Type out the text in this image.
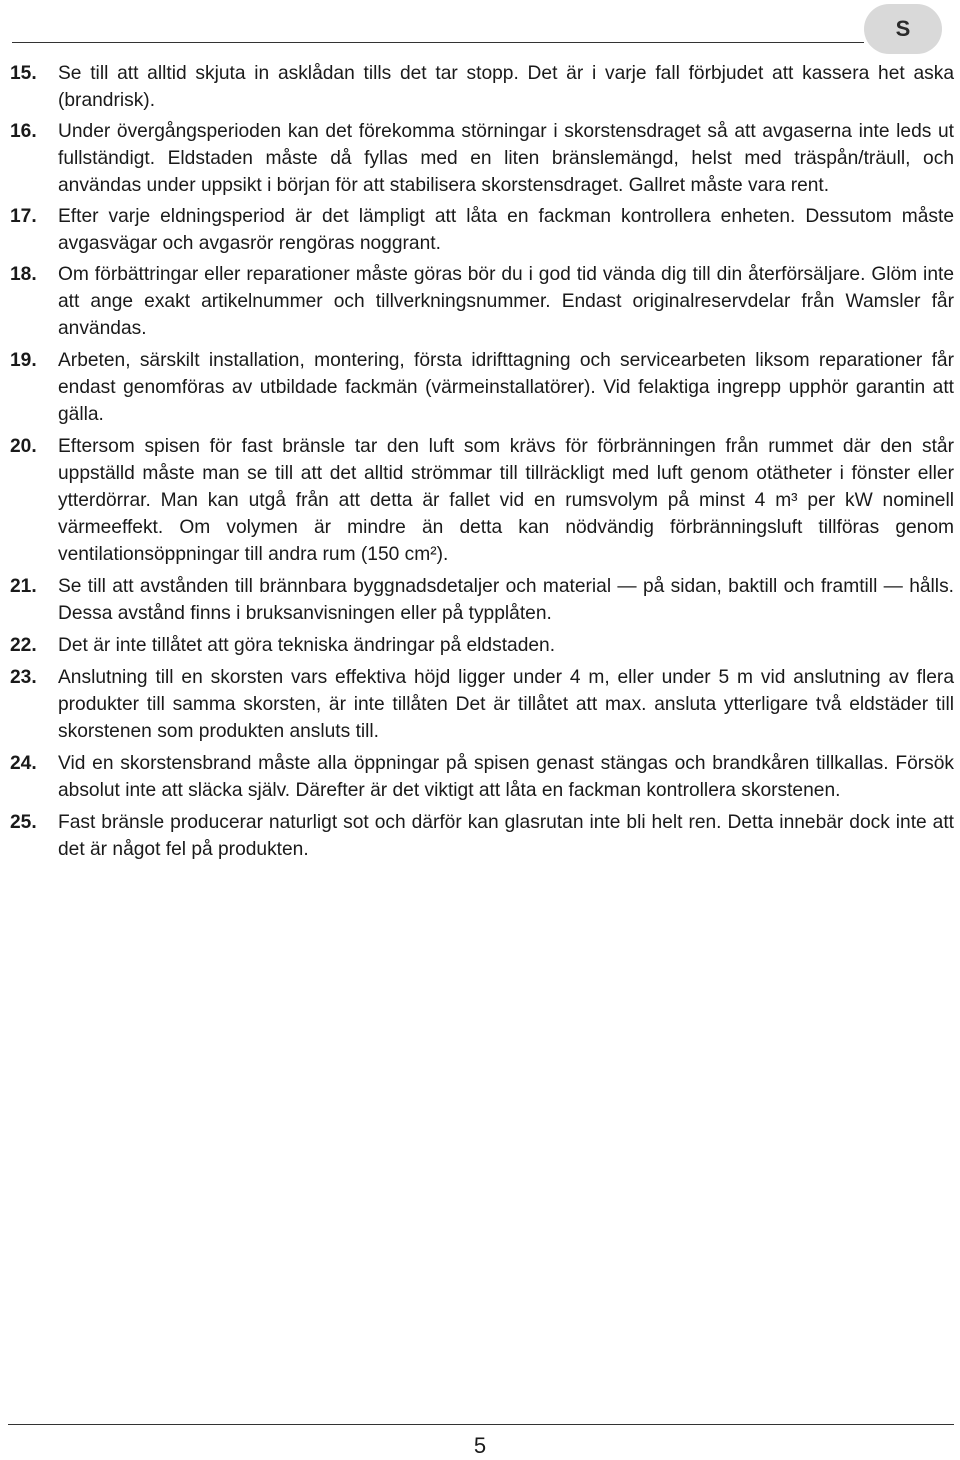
S
15.	Se till att alltid skjuta in asklådan tills det tar stopp. Det är i varje fall förbjudet att kassera het aska (brandrisk).
16.	Under övergångsperioden kan det förekomma störningar i skorstensdraget så att avgaserna inte leds ut fullständigt. Eldstaden måste då fyllas med en liten bränslemängd, helst med träspån/träull, och användas under uppsikt i början för att stabilisera skorstensdraget. Gallret måste vara rent.
17.	Efter varje eldningsperiod är det lämpligt att låta en fackman kontrollera enheten. Dessutom måste avgasvägar och avgasrör rengöras noggrant.
18.	Om förbättringar eller reparationer måste göras bör du i god tid vända dig till din återförsäljare. Glöm inte att ange exakt artikelnummer och tillverkningsnummer. Endast originalreservdelar från Wamsler får användas.
19.	Arbeten, särskilt installation, montering, första idrifttagning och servicearbeten liksom reparationer får endast genomföras av utbildade fackmän (värmeinstallatörer). Vid felaktiga ingrepp upphör garantin att gälla.
20.	Eftersom spisen för fast bränsle tar den luft som krävs för förbränningen från rummet där den står uppställd måste man se till att det alltid strömmar till tillräckligt med luft genom otätheter i fönster eller ytterdörrar. Man kan utgå från att detta är fallet vid en rumsvolym på minst 4 m³ per kW nominell värmeeffekt. Om volymen är mindre än detta kan nödvändig förbränningsluft tillföras genom ventilationsöppningar till andra rum (150 cm²).
21.	Se till att avstånden till brännbara byggnadsdetaljer och material — på sidan, baktill och framtill — hålls. Dessa avstånd finns i bruksanvisningen eller på typplåten.
22.	Det är inte tillåtet att göra tekniska ändringar på eldstaden.
23.	Anslutning till en skorsten vars effektiva höjd ligger under 4 m, eller under 5 m vid anslutning av flera produkter till samma skorsten, är inte tillåten Det är tillåtet att max. ansluta ytterligare två eldstäder till skorstenen som produkten ansluts till.
24.	Vid en skorstensbrand måste alla öppningar på spisen genast stängas och brandkåren tillkallas. Försök absolut inte att släcka själv. Därefter är det viktigt att låta en fackman kontrollera skorstenen.
25.	Fast bränsle producerar naturligt sot och därför kan glasrutan inte bli helt ren. Detta innebär dock inte att det är något fel på produkten.
5
